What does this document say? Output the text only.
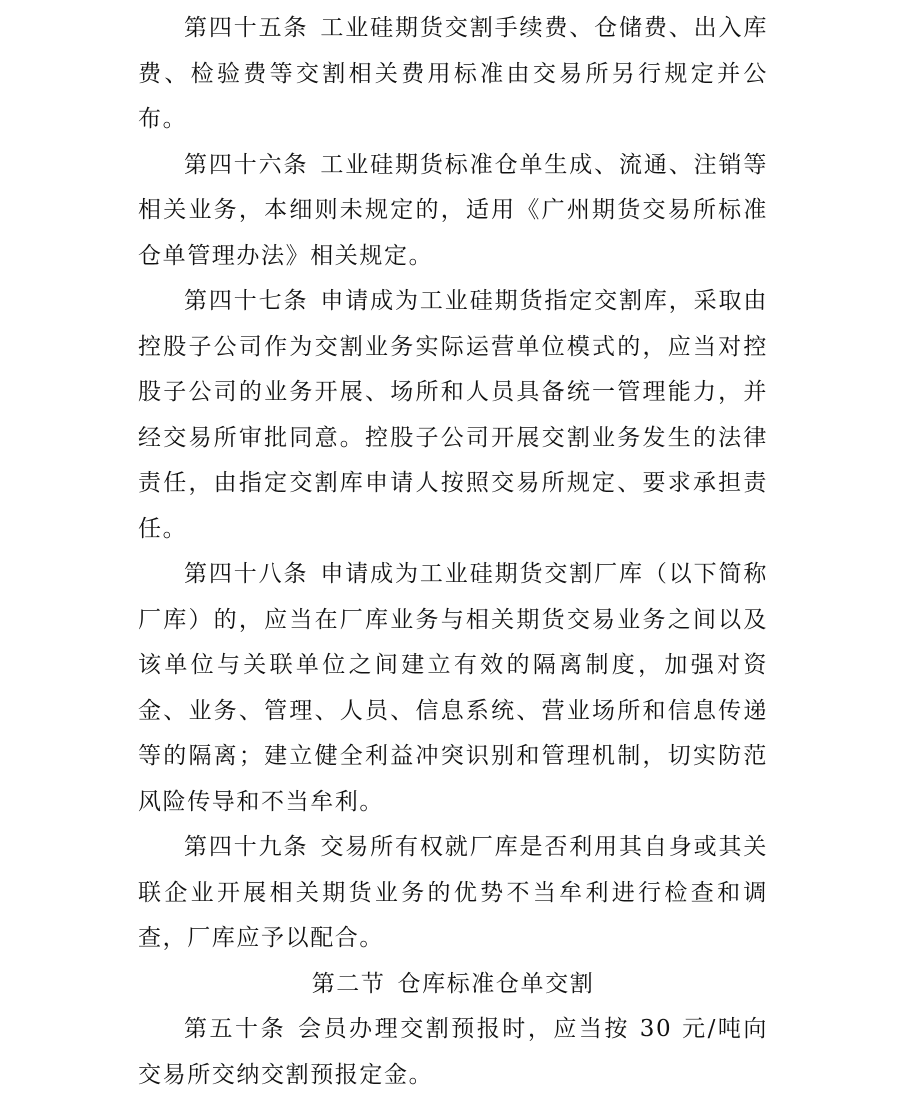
第四十五条 工业硅期货交割手续费、仓储费、出入库费、检验费等交割相关费用标准由交易所另行规定并公布。

第四十六条 工业硅期货标准仓单生成、流通、注销等相关业务，本细则未规定的，适用《广州期货交易所标准仓单管理办法》相关规定。

第四十七条 申请成为工业硅期货指定交割库，采取由控股子公司作为交割业务实际运营单位模式的，应当对控股子公司的业务开展、场所和人员具备统一管理能力，并经交易所审批同意。控股子公司开展交割业务发生的法律责任，由指定交割库申请人按照交易所规定、要求承担责任。

第四十八条 申请成为工业硅期货交割厂库（以下简称厂库）的，应当在厂库业务与相关期货交易业务之间以及该单位与关联单位之间建立有效的隔离制度，加强对资金、业务、管理、人员、信息系统、营业场所和信息传递等的隔离；建立健全利益冲突识别和管理机制，切实防范风险传导和不当牟利。

第四十九条 交易所有权就厂库是否利用其自身或其关联企业开展相关期货业务的优势不当牟利进行检查和调查，厂库应予以配合。

第二节 仓库标准仓单交割

第五十条 会员办理交割预报时，应当按 30 元/吨向交易所交纳交割预报定金。
